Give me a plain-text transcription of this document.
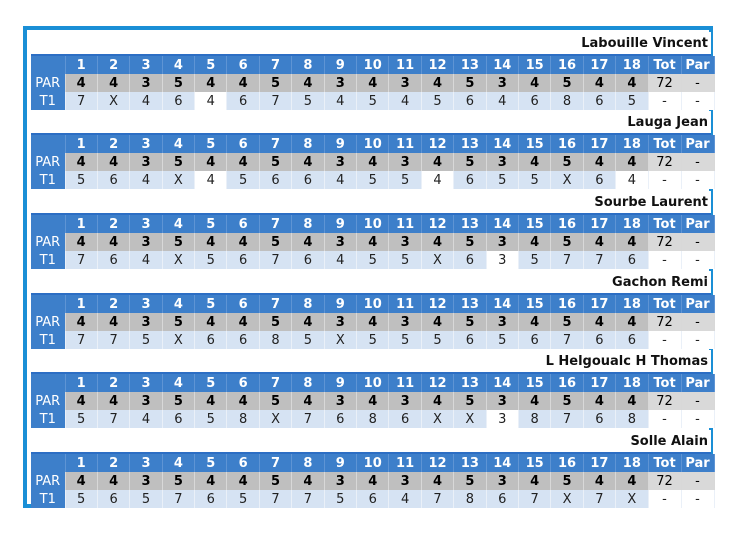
Labouille Vincent
	1	2	3	4	5	6	7	8	9	10	11	12	13	14	15	16	17	18	Tot	Par
PAR	4	4	3	5	4	4	5	4	3	4	3	4	5	3	4	5	4	4	72	-
T1	7	X	4	6	4	6	7	5	4	5	4	5	6	4	6	8	6	5	-	-
Lauga Jean
	1	2	3	4	5	6	7	8	9	10	11	12	13	14	15	16	17	18	Tot	Par
PAR	4	4	3	5	4	4	5	4	3	4	3	4	5	3	4	5	4	4	72	-
T1	5	6	4	X	4	5	6	6	4	5	5	4	6	5	5	X	6	4	-	-
Sourbe Laurent
	1	2	3	4	5	6	7	8	9	10	11	12	13	14	15	16	17	18	Tot	Par
PAR	4	4	3	5	4	4	5	4	3	4	3	4	5	3	4	5	4	4	72	-
T1	7	6	4	X	5	6	7	6	4	5	5	X	6	3	5	7	7	6	-	-
Gachon Remi
	1	2	3	4	5	6	7	8	9	10	11	12	13	14	15	16	17	18	Tot	Par
PAR	4	4	3	5	4	4	5	4	3	4	3	4	5	3	4	5	4	4	72	-
T1	7	7	5	X	6	6	8	5	X	5	5	5	6	5	6	7	6	6	-	-
L Helgoualc H Thomas
	1	2	3	4	5	6	7	8	9	10	11	12	13	14	15	16	17	18	Tot	Par
PAR	4	4	3	5	4	4	5	4	3	4	3	4	5	3	4	5	4	4	72	-
T1	5	7	4	6	5	8	X	7	6	8	6	X	X	3	8	7	6	8	-	-
Solle Alain
	1	2	3	4	5	6	7	8	9	10	11	12	13	14	15	16	17	18	Tot	Par
PAR	4	4	3	5	4	4	5	4	3	4	3	4	5	3	4	5	4	4	72	-
T1	5	6	5	7	6	5	7	7	5	6	4	7	8	6	7	X	7	X	-	-
